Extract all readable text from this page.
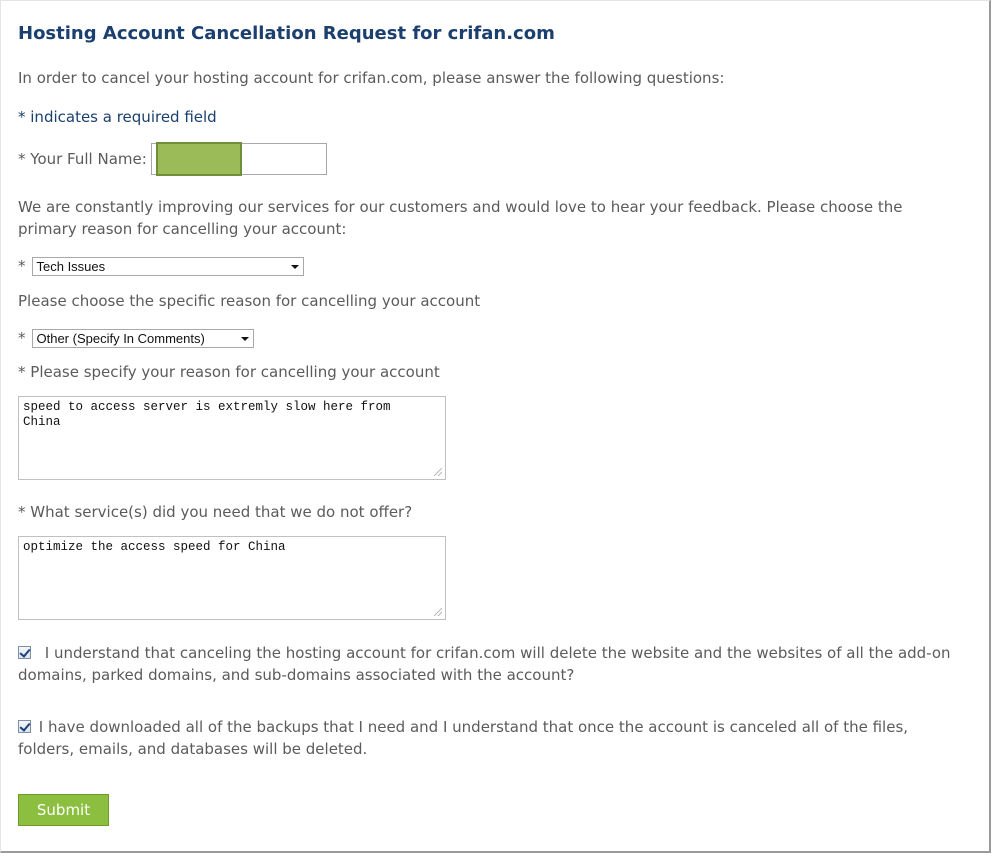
Hosting Account Cancellation Request for crifan.com
In order to cancel your hosting account for crifan.com, please answer the following questions:
* indicates a required field
* Your Full Name:
We are constantly improving our services for our customers and would love to hear your feedback. Please choose the primary reason for cancelling your account:
* Tech Issues
Please choose the specific reason for cancelling your account
* Other (Specify In Comments)
* Please specify your reason for cancelling your account
speed to access server is extremly slow here from China
* What service(s) did you need that we do not offer?
optimize the access speed for China
I understand that canceling the hosting account for crifan.com will delete the website and the websites of all the add-on domains, parked domains, and sub-domains associated with the account?
I have downloaded all of the backups that I need and I understand that once the account is canceled all of the files, folders, emails, and databases will be deleted.
Submit
